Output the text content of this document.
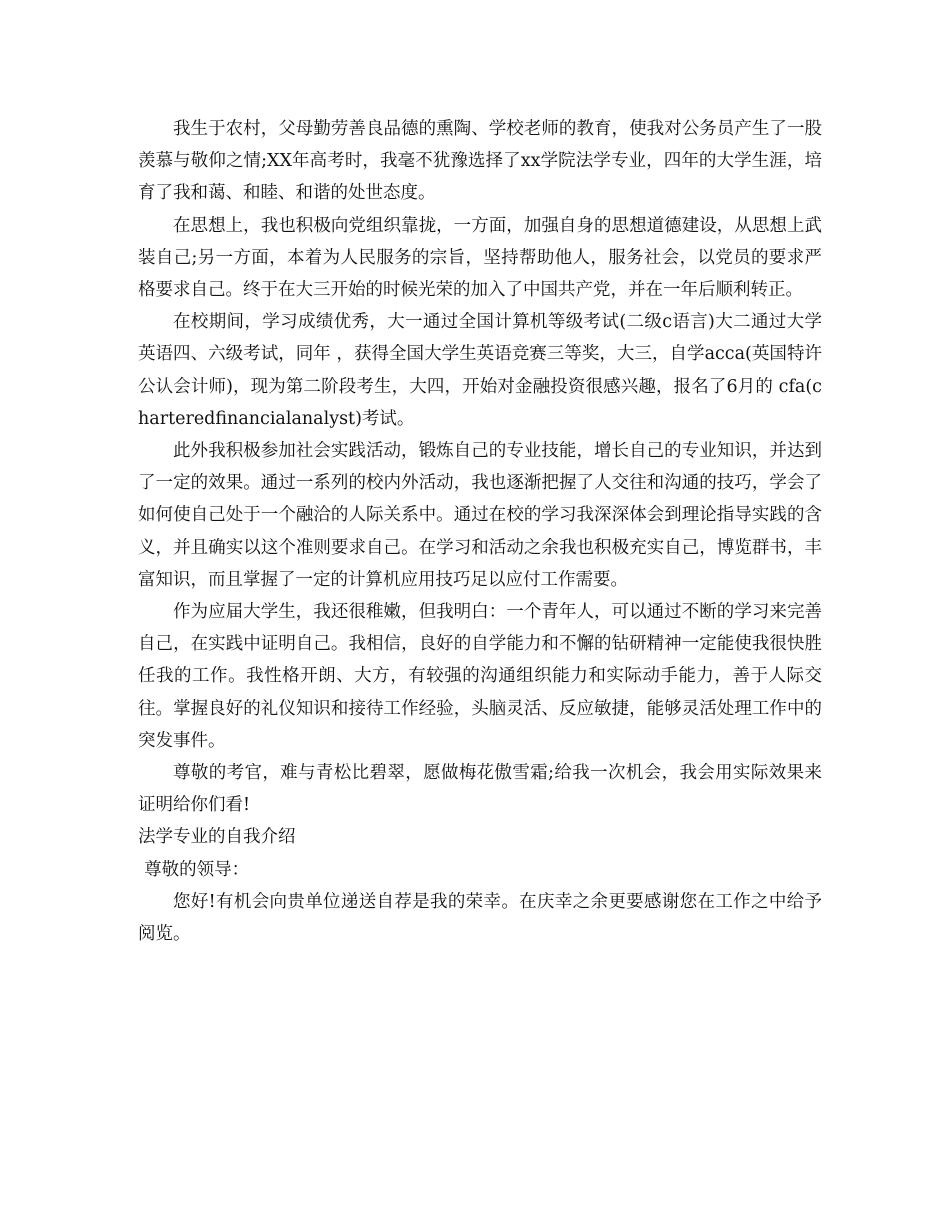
我生于农村，父母勤劳善良品德的熏陶、学校老师的教育，使我对公务员产生了一股羡慕与敬仰之情;XX年高考时，我毫不犹豫选择了xx学院法学专业，四年的大学生涯，培育了我和蔼、和睦、和谐的处世态度。

在思想上，我也积极向党组织靠拢，一方面，加强自身的思想道德建设，从思想上武装自己;另一方面，本着为人民服务的宗旨，坚持帮助他人，服务社会，以党员的要求严格要求自己。终于在大三开始的时候光荣的加入了中国共产党，并在一年后顺利转正。

在校期间，学习成绩优秀，大一通过全国计算机等级考试(二级c语言)大二通过大学英语四、六级考试，同年 ，获得全国大学生英语竞赛三等奖，大三，自学acca(英国特许公认会计师)，现为第二阶段考生，大四，开始对金融投资很感兴趣，报名了6月的 cfa(charteredfinancialanalyst)考试。

此外我积极参加社会实践活动，锻炼自己的专业技能，增长自己的专业知识，并达到了一定的效果。通过一系列的校内外活动，我也逐渐把握了人交往和沟通的技巧，学会了如何使自己处于一个融洽的人际关系中。通过在校的学习我深深体会到理论指导实践的含义，并且确实以这个准则要求自己。在学习和活动之余我也积极充实自己，博览群书，丰富知识，而且掌握了一定的计算机应用技巧足以应付工作需要。

作为应届大学生，我还很稚嫩，但我明白：一个青年人，可以通过不断的学习来完善自己，在实践中证明自己。我相信，良好的自学能力和不懈的钻研精神一定能使我很快胜任我的工作。我性格开朗、大方，有较强的沟通组织能力和实际动手能力，善于人际交往。掌握良好的礼仪知识和接待工作经验，头脑灵活、反应敏捷，能够灵活处理工作中的突发事件。

尊敬的考官，难与青松比碧翠，愿做梅花傲雪霜;给我一次机会，我会用实际效果来证明给你们看!

法学专业的自我介绍

尊敬的领导：

您好!有机会向贵单位递送自荐是我的荣幸。在庆幸之余更要感谢您在工作之中给予阅览。
